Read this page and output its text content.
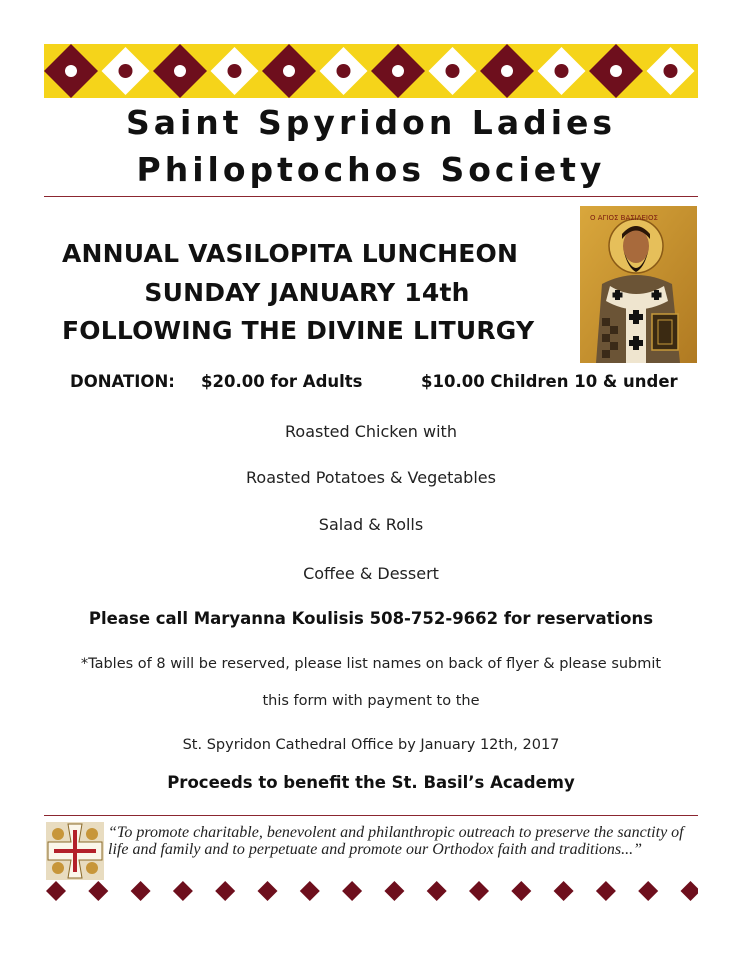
Saint Spyridon Ladies
Philoptochos Society
ANNUAL VASILOPITA LUNCHEON
SUNDAY JANUARY 14th
FOLLOWING THE DIVINE LITURGY
O ΑΓΙΟΣ ΒΑΣΙΛΕΙΟΣ
DONATION: $20.00 for Adults	$10.00 Children 10 & under
Roasted Chicken with
Roasted Potatoes & Vegetables
Salad & Rolls
Coffee & Dessert
Please call Maryanna Koulisis 508-752-9662 for reservations
*Tables of 8 will be reserved, please list names on back of flyer & please submit
this form with payment to the
St. Spyridon Cathedral Office by January 12th, 2017
Proceeds to benefit the St. Basil’s Academy
“To promote charitable, benevolent and philanthropic outreach to preserve the sanctity of life and family and to perpetuate and promote our Orthodox faith and traditions...”
